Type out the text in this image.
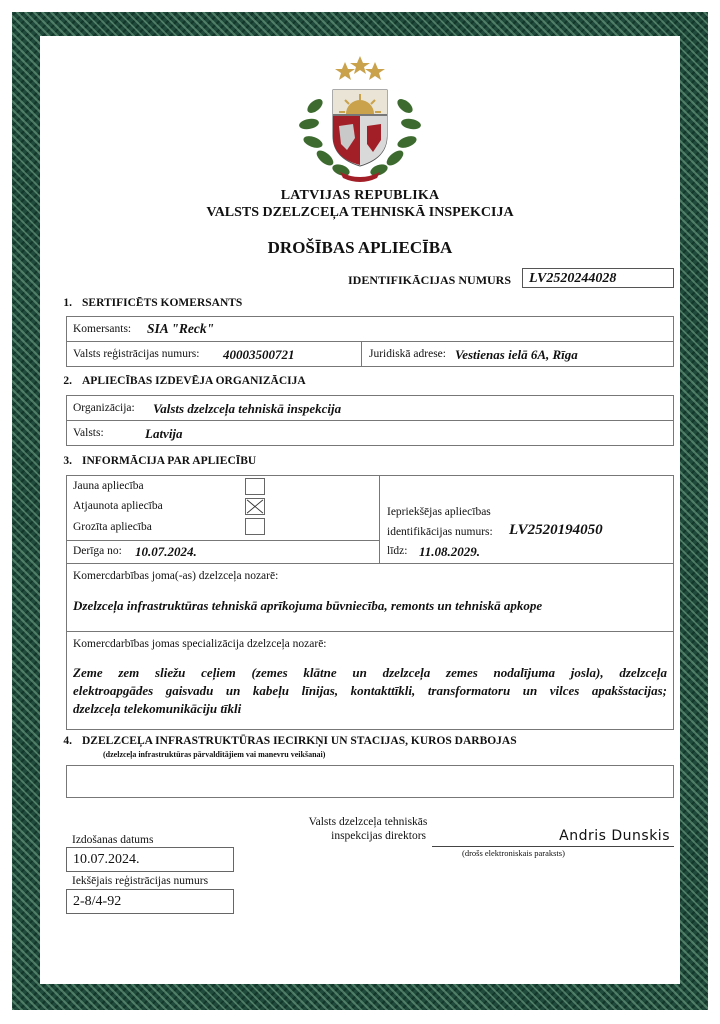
LATVIJAS REPUBLIKA
VALSTS DZELZCEĻA TEHNISKĀ INSPEKCIJA
DROŠĪBAS APLIECĪBA
IDENTIFIKĀCIJAS NUMURS	LV2520244028
1. SERTIFICĒTS KOMERSANTS
Komersants: SIA "Reck"
Valsts reģistrācijas numurs: 40003500721	Juridiskā adrese: Vestienas ielā 6A, Rīga
2. APLIECĪBAS IZDEVĒJA ORGANIZĀCIJA
Organizācija: Valsts dzelzceļa tehniskā inspekcija
Valsts:	Latvija
3. INFORMĀCIJA PAR APLIECĪBU
Jauna apliecība
Atjaunota apliecība
Grozīta apliecība
Iepriekšējas apliecības
identifikācijas numurs: LV2520194050
Derīga no: 10.07.2024.	līdz: 11.08.2029.
Komercdarbības joma(-as) dzelzceļa nozarē:
Dzelzceļa infrastruktūras tehniskā aprīkojuma būvniecība, remonts un tehniskā apkope
Komercdarbības jomas specializācija dzelzceļa nozarē:
Zeme zem sliežu ceļiem (zemes klātne un dzelzceļa zemes nodalījuma josla), dzelzceļa
elektroapgādes gaisvadu un kabeļu līnijas, kontakttīkli, transformatoru un vilces apakšstacijas;
dzelzceļa telekomunikāciju tīkli
4. DZELZCEĻA INFRASTRUKTŪRAS IECIRKŅI UN STACIJAS, KUROS DARBOJAS
(dzelzceļa infrastruktūras pārvaldītājiem vai manevru veikšanai)
Valsts dzelzceļa tehniskās
inspekcijas direktors	Andris Dunskis
(drošs elektroniskais paraksts)
Izdošanas datums
10.07.2024.
Iekšējais reģistrācijas numurs
2-8/4-92
